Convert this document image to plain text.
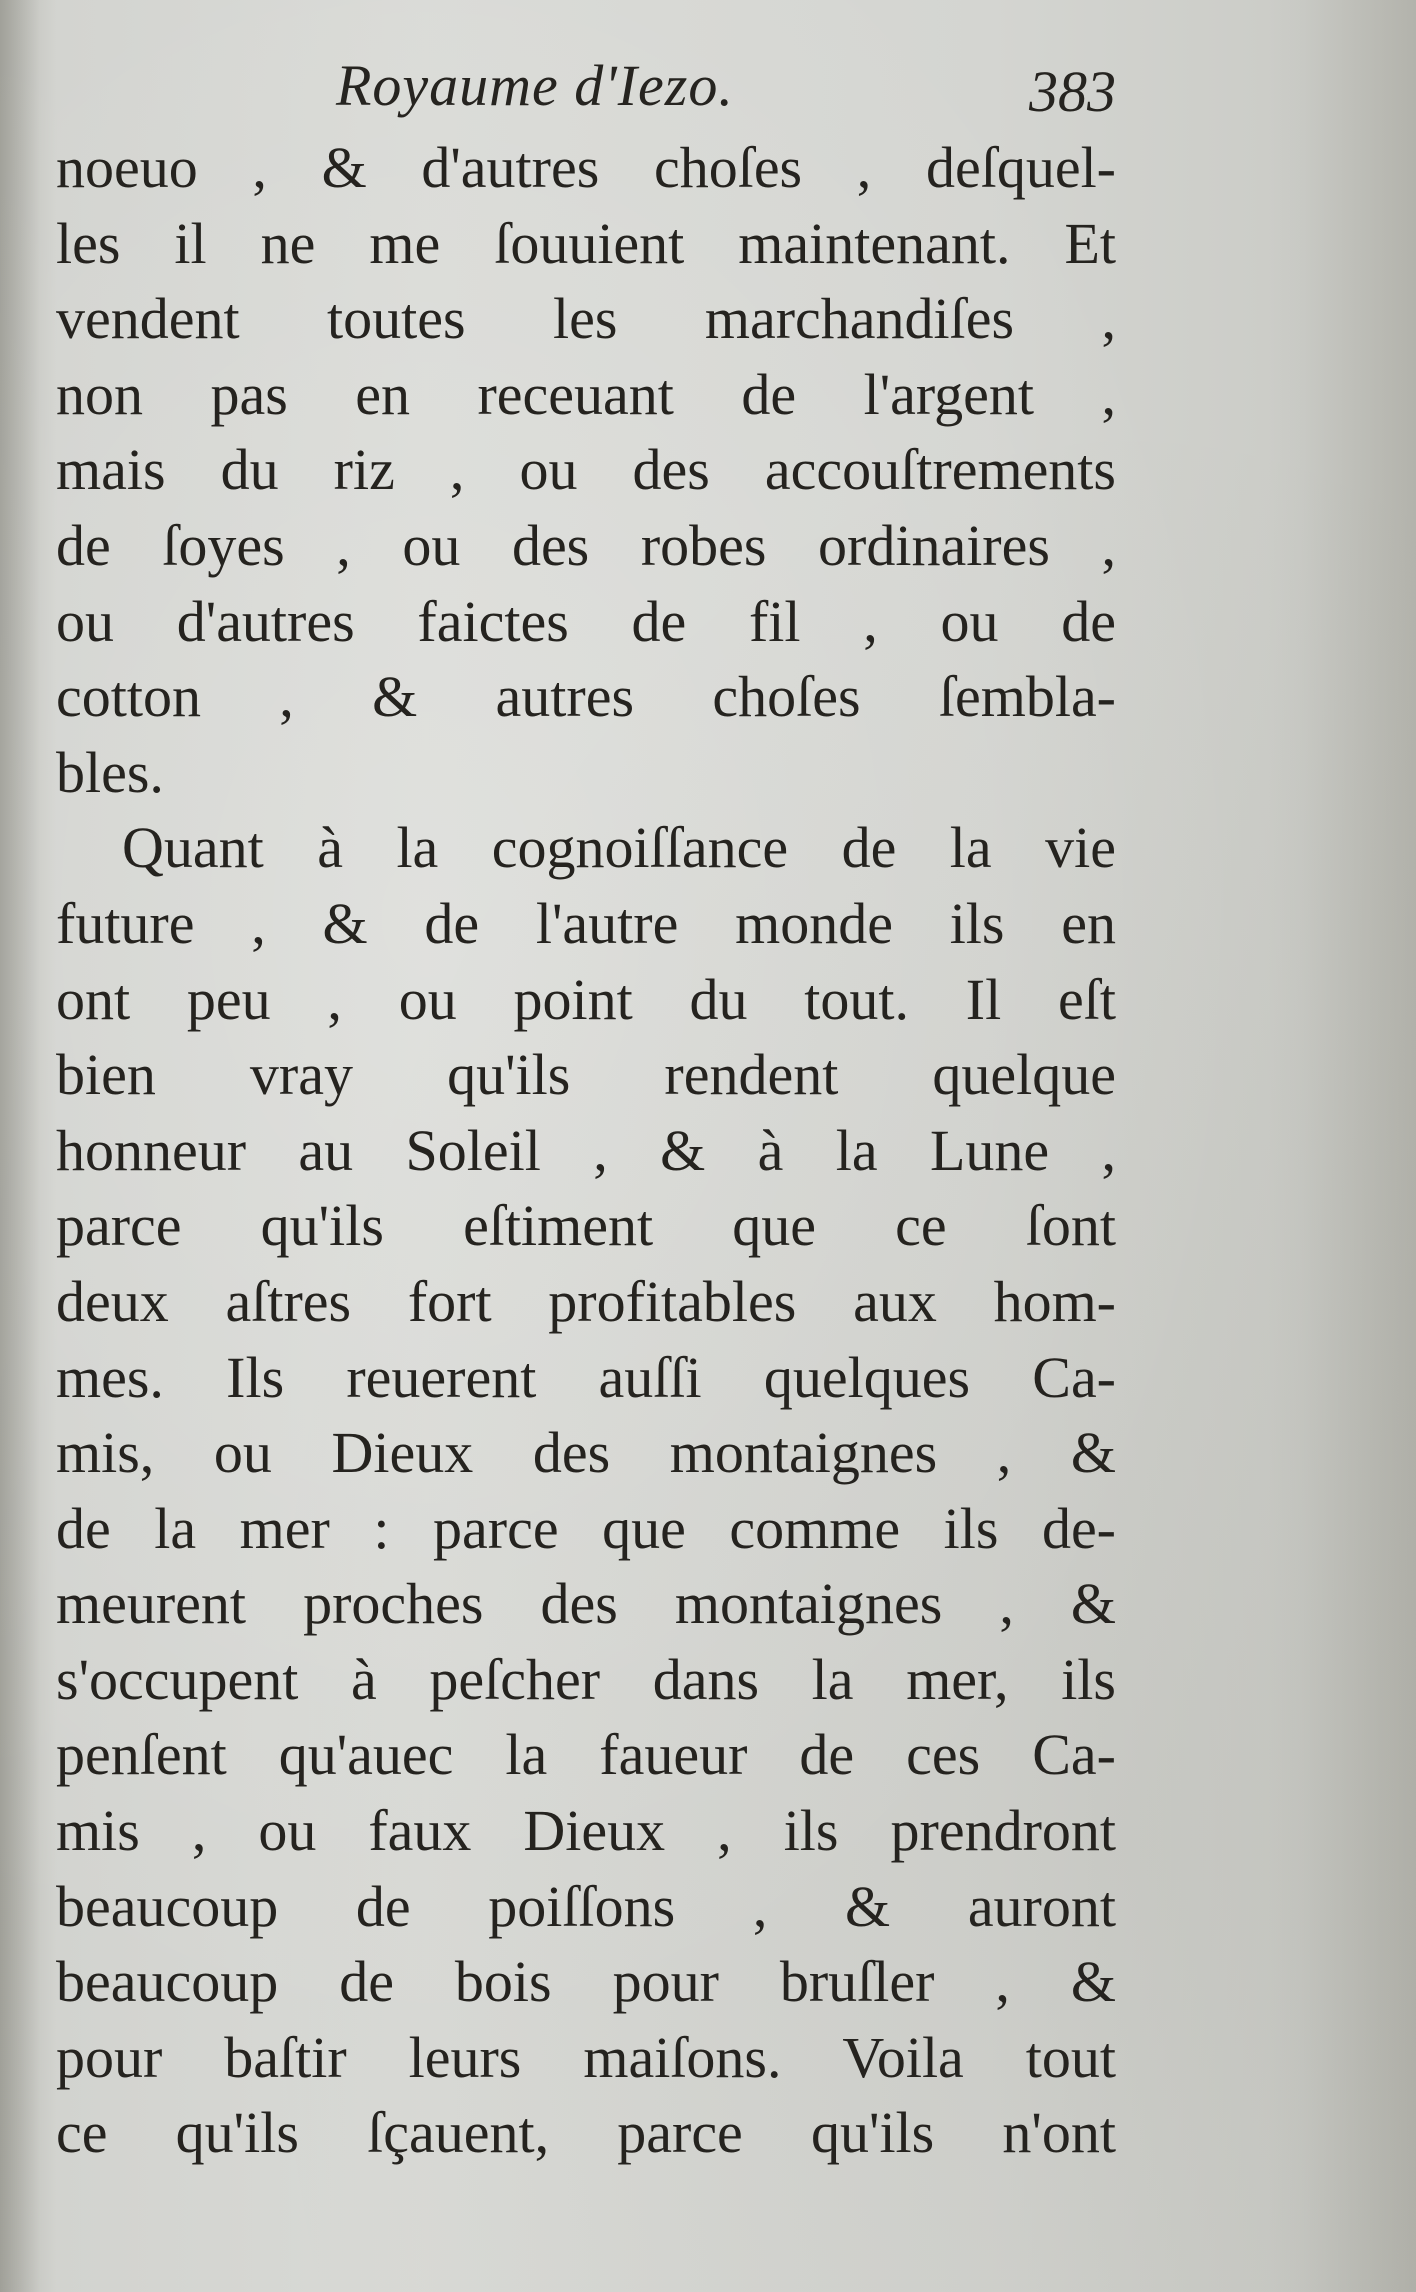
Royaume d'Iezo.	383
noeuo , & d'autres choſes , deſquel-
les il ne me ſouuient maintenant. Et
vendent toutes les marchandiſes ,
non pas en receuant de l'argent ,
mais du riz , ou des accouſtrements
de ſoyes , ou des robes ordinaires ,
ou d'autres faictes de fil , ou de
cotton , & autres choſes ſembla-
bles.
Quant à la cognoiſſance de la vie
future , & de l'autre monde ils en
ont peu , ou point du tout. Il eſt
bien vray qu'ils rendent quelque
honneur au Soleil , & à la Lune ,
parce qu'ils eſtiment que ce ſont
deux aſtres fort profitables aux hom-
mes. Ils reuerent auſſi quelques Ca-
mis, ou Dieux des montaignes , &
de la mer : parce que comme ils de-
meurent proches des montaignes , &
s'occupent à peſcher dans la mer, ils
penſent qu'auec la faueur de ces Ca-
mis , ou faux Dieux , ils prendront
beaucoup de poiſſons , & auront
beaucoup de bois pour bruſler , &
pour baſtir leurs maiſons. Voila tout
ce qu'ils ſçauent, parce qu'ils n'ont
